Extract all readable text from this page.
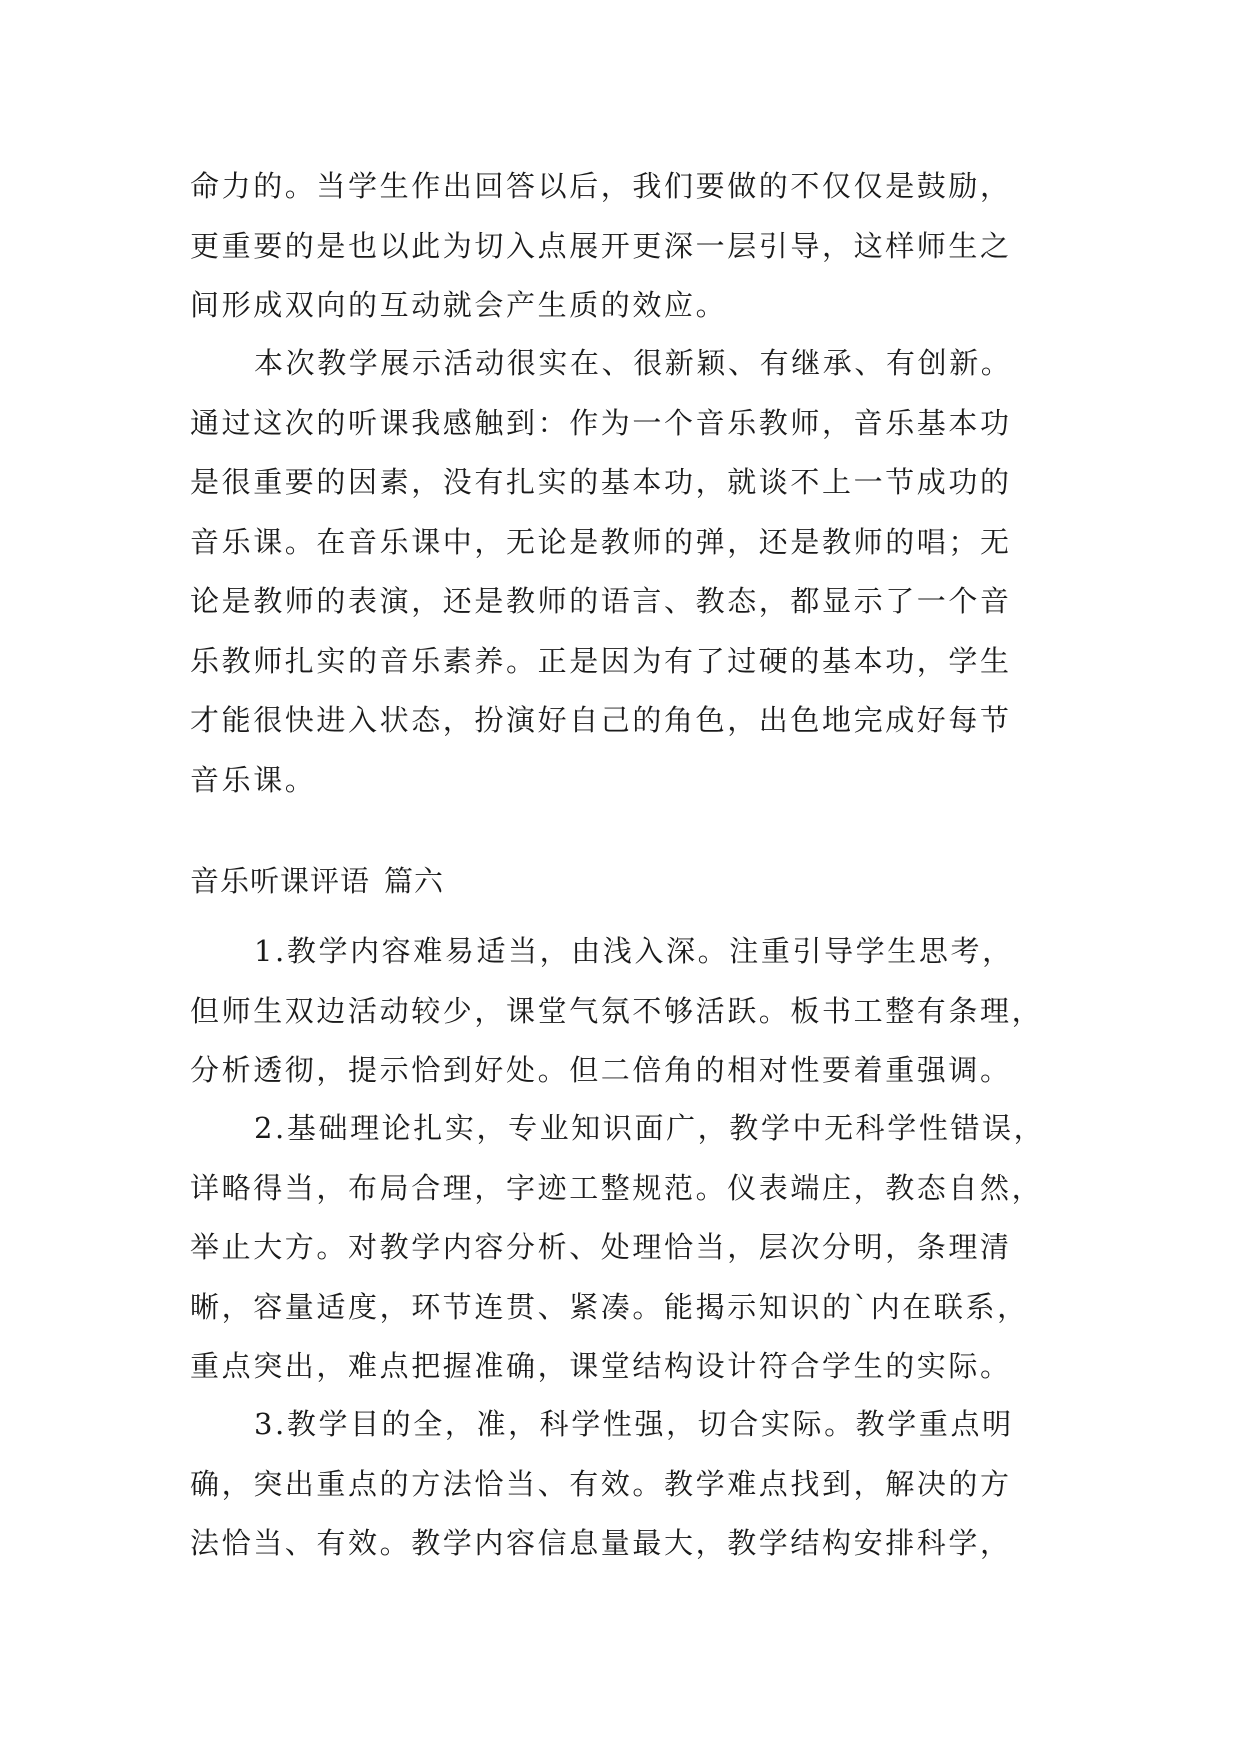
命力的。当学生作出回答以后，我们要做的不仅仅是鼓励，
更重要的是也以此为切入点展开更深一层引导，这样师生之
间形成双向的互动就会产生质的效应。
本次教学展示活动很实在、很新颖、有继承、有创新。
通过这次的听课我感触到：作为一个音乐教师，音乐基本功
是很重要的因素，没有扎实的基本功，就谈不上一节成功的
音乐课。在音乐课中，无论是教师的弹，还是教师的唱；无
论是教师的表演，还是教师的语言、教态，都显示了一个音
乐教师扎实的音乐素养。正是因为有了过硬的基本功，学生
才能很快进入状态，扮演好自己的角色，出色地完成好每节
音乐课。
音乐听课评语 篇六
1.教学内容难易适当，由浅入深。注重引导学生思考，
但师生双边活动较少，课堂气氛不够活跃。板书工整有条理，
分析透彻，提示恰到好处。但二倍角的相对性要着重强调。
2.基础理论扎实，专业知识面广，教学中无科学性错误，
详略得当，布局合理，字迹工整规范。仪表端庄，教态自然，
举止大方。对教学内容分析、处理恰当，层次分明，条理清
晰，容量适度，环节连贯、紧凑。能揭示知识的`内在联系，
重点突出，难点把握准确，课堂结构设计符合学生的实际。
3.教学目的全，准，科学性强，切合实际。教学重点明
确，突出重点的方法恰当、有效。教学难点找到，解决的方
法恰当、有效。教学内容信息量最大，教学结构安排科学，
